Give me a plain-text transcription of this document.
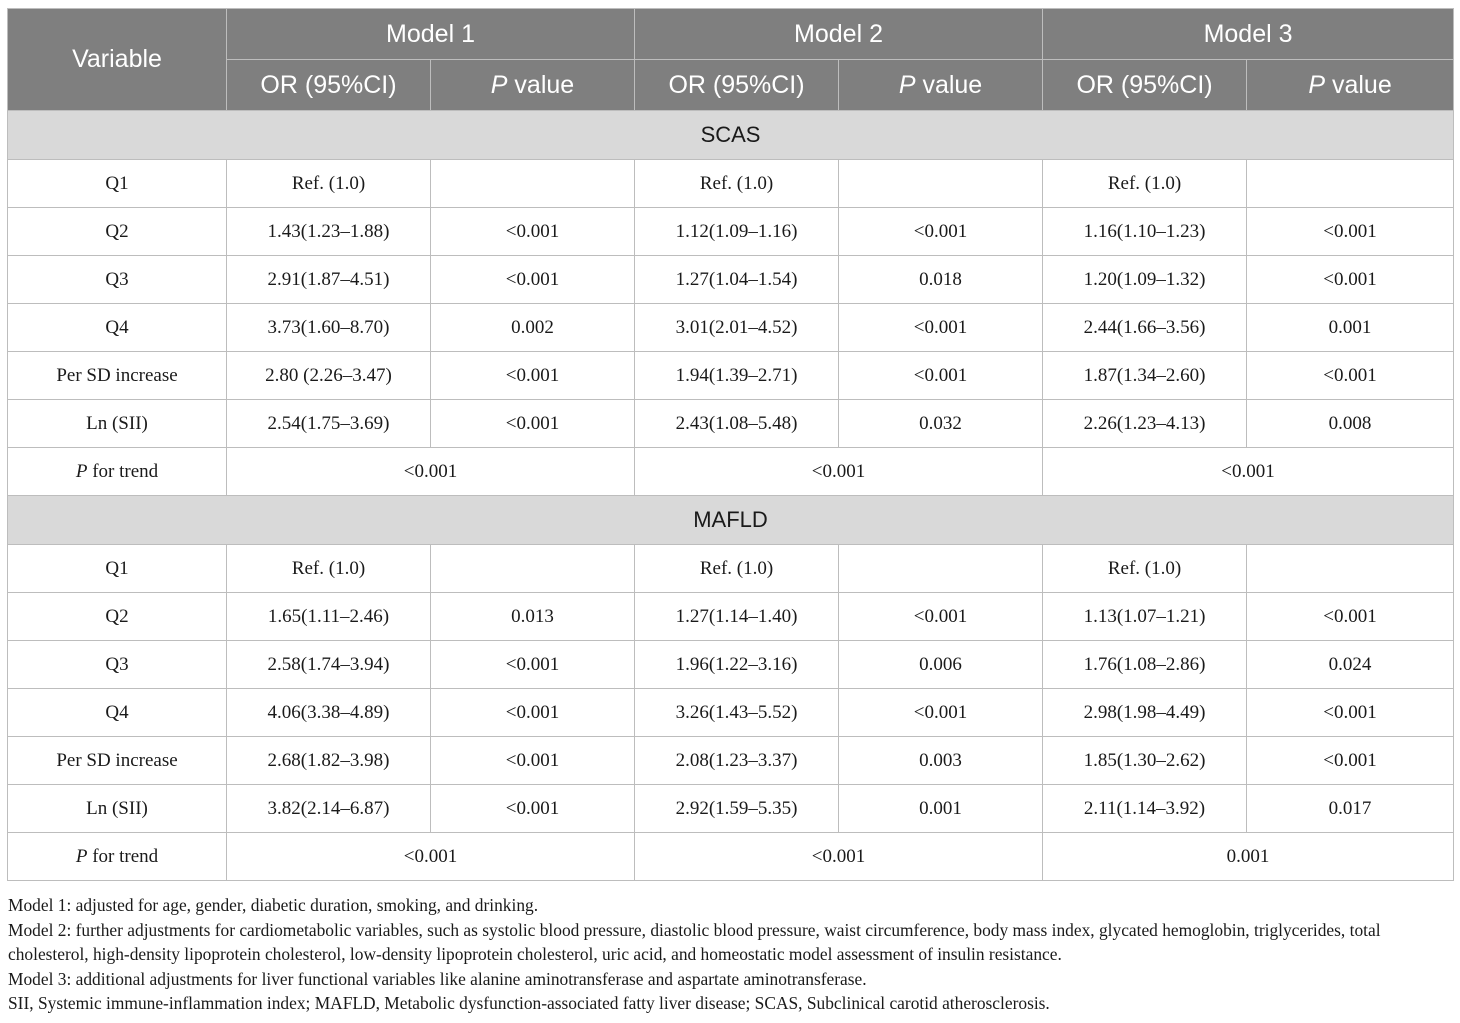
Variable	Model 1		Model 2		Model 3	
	OR (95%CI)	P value	OR (95%CI)	P value	OR (95%CI)	P value
SCAS						
Q1	Ref. (1.0)		Ref. (1.0)		Ref. (1.0)	
Q2	1.43(1.23–1.88)	<0.001	1.12(1.09–1.16)	<0.001	1.16(1.10–1.23)	<0.001
Q3	2.91(1.87–4.51)	<0.001	1.27(1.04–1.54)	0.018	1.20(1.09–1.32)	<0.001
Q4	3.73(1.60–8.70)	0.002	3.01(2.01–4.52)	<0.001	2.44(1.66–3.56)	0.001
Per SD increase	2.80 (2.26–3.47)	<0.001	1.94(1.39–2.71)	<0.001	1.87(1.34–2.60)	<0.001
Ln (SII)	2.54(1.75–3.69)	<0.001	2.43(1.08–5.48)	0.032	2.26(1.23–4.13)	0.008
P for trend	<0.001		<0.001		<0.001	
MAFLD						
Q1	Ref. (1.0)		Ref. (1.0)		Ref. (1.0)	
Q2	1.65(1.11–2.46)	0.013	1.27(1.14–1.40)	<0.001	1.13(1.07–1.21)	<0.001
Q3	2.58(1.74–3.94)	<0.001	1.96(1.22–3.16)	0.006	1.76(1.08–2.86)	0.024
Q4	4.06(3.38–4.89)	<0.001	3.26(1.43–5.52)	<0.001	2.98(1.98–4.49)	<0.001
Per SD increase	2.68(1.82–3.98)	<0.001	2.08(1.23–3.37)	0.003	1.85(1.30–2.62)	<0.001
Ln (SII)	3.82(2.14–6.87)	<0.001	2.92(1.59–5.35)	0.001	2.11(1.14–3.92)	0.017
P for trend	<0.001		<0.001		0.001	

Model 1: adjusted for age, gender, diabetic duration, smoking, and drinking.

Model 2: further adjustments for cardiometabolic variables, such as systolic blood pressure, diastolic blood pressure, waist circumference, body mass index, glycated hemoglobin, triglycerides, total cholesterol, high-density lipoprotein cholesterol, low-density lipoprotein cholesterol, uric acid, and homeostatic model assessment of insulin resistance.

Model 3: additional adjustments for liver functional variables like alanine aminotransferase and aspartate aminotransferase.

SII, Systemic immune-inflammation index; MAFLD, Metabolic dysfunction-associated fatty liver disease; SCAS, Subclinical carotid atherosclerosis.
